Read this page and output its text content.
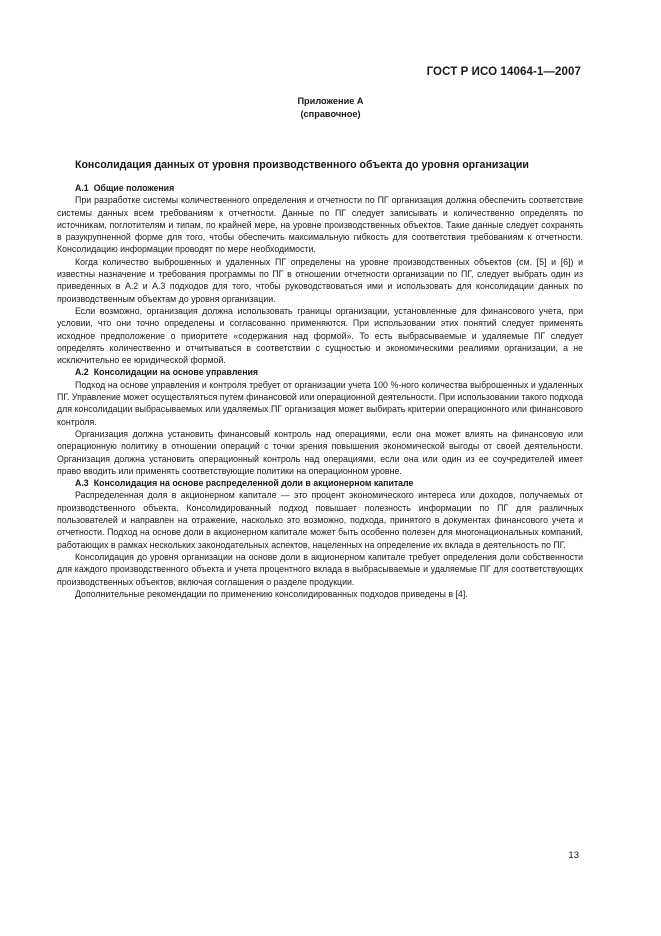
ГОСТ Р ИСО 14064-1—2007
Приложение А
(справочное)
Консолидация данных от уровня производственного объекта до уровня организации
А.1 Общие положения

При разработке системы количественного определения и отчетности по ПГ организация должна обеспечить соответствие системы данных всем требованиям к отчетности. Данные по ПГ следует записывать и количественно определять по источникам, поглотителям и типам, по крайней мере, на уровне производственных объектов. Такие данные следует сохранять в разукрупненной форме для того, чтобы обеспечить максимальную гибкость для соответствия требованиям к отчетности. Консолидацию информации проводят по мере необходимости.

Когда количество выброшенных и удаленных ПГ определены на уровне производственных объектов (см. [5] и [6]) и известны назначение и требования программы по ПГ в отношении отчетности организации по ПГ, следует выбрать один из приведенных в А.2 и А.3 подходов для того, чтобы руководствоваться ими и использовать для консолидации данных по производственным объектам до уровня организации.

Если возможно, организация должна использовать границы организации, установленные для финансового учета, при условии, что они точно определены и согласованно применяются. При использовании этих понятий следует применять исходное предположение о приоритете «содержания над формой». То есть выбрасываемые и удаляемые ПГ следует определять количественно и отчитываться в соответствии с сущностью и экономическими реалиями организации, а не исключительно ее юридической формой.

А.2 Консолидации на основе управления

Подход на основе управления и контроля требует от организации учета 100 %-ного количества выброшенных и удаленных ПГ. Управление может осуществляться путем финансовой или операционной деятельности. При использовании такого подхода для консолидации выбрасываемых или удаляемых ПГ организация может выбирать критерии операционного или финансового контроля.

Организация должна установить финансовый контроль над операциями, если она может влиять на финансовую или операционную политику в отношении операций с точки зрения повышения экономической выгоды от своей деятельности. Организация должна установить операционный контроль над операциями, если она или один из ее соучредителей имеет право вводить или применять соответствующие политики на операционном уровне.

А.3 Консолидация на основе распределенной доли в акционерном капитале

Распределенная доля в акционерном капитале — это процент экономического интереса или доходов, получаемых от производственного объекта. Консолидированный подход повышает полезность информации по ПГ для различных пользователей и направлен на отражение, насколько это возможно, подхода, принятого в документах финансового учета и отчетности. Подход на основе доли в акционерном капитале может быть особенно полезен для многонациональных компаний, работающих в рамках нескольких законодательных аспектов, нацеленных на определение их вклада в деятельность по ПГ.

Консолидация до уровня организации на основе доли в акционерном капитале требует определения доли собственности для каждого производственного объекта и учета процентного вклада в выбрасываемые и удаляемые ПГ для соответствующих производственных объектов, включая соглашения о разделе продукции.

Дополнительные рекомендации по применению консолидированных подходов приведены в [4].

13
